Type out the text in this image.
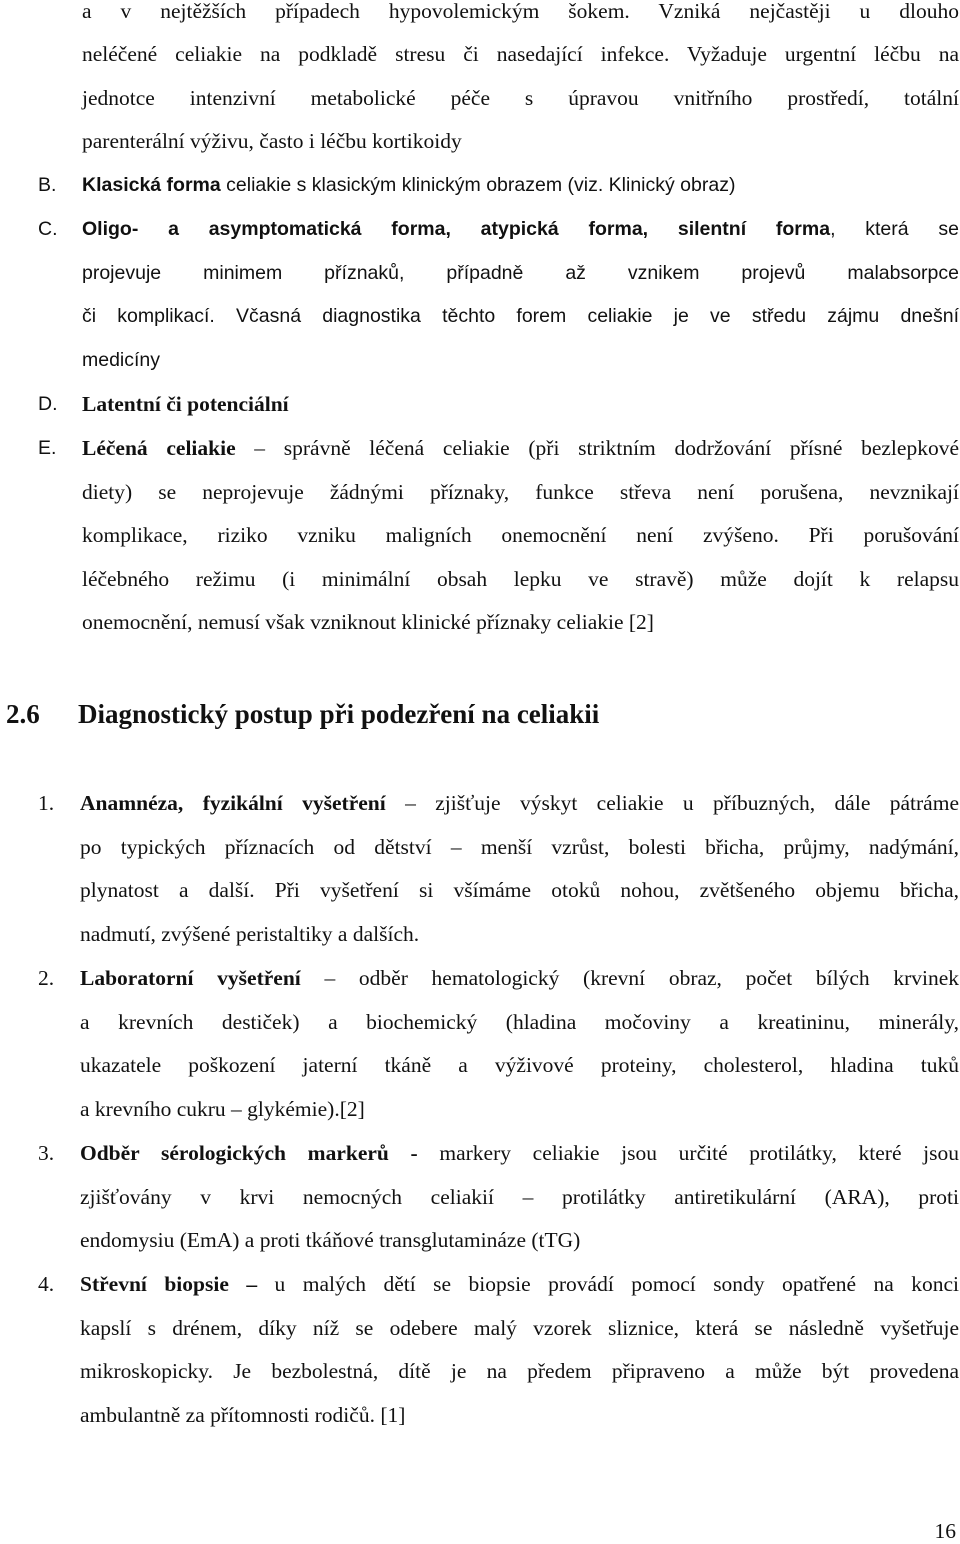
a v nejtěžších případech hypovolemickým šokem. Vzniká nejčastěji u dlouho
neléčené celiakie na podkladě stresu či nasedající infekce. Vyžaduje urgentní léčbu na
jednotce intenzivní metabolické péče s úpravou vnitřního prostředí, totální
parenterální výživu, často i léčbu kortikoidy
B. Klasická forma celiakie s klasickým klinickým obrazem (viz. Klinický obraz)
C. Oligo- a asymptomatická forma, atypická forma, silentní forma, která se
projevuje minimem příznaků, případně až vznikem projevů malabsorpce
či komplikací. Včasná diagnostika těchto forem celiakie je ve středu zájmu dnešní
medicíny
D. Latentní či potenciální
E. Léčená celiakie – správně léčená celiakie (při striktním dodržování přísné bezlepkové
diety) se neprojevuje žádnými příznaky, funkce střeva není porušena, nevznikají
komplikace, riziko vzniku maligních onemocnění není zvýšeno. Při porušování
léčebného režimu (i minimální obsah lepku ve stravě) může dojít k relapsu
onemocnění, nemusí však vzniknout klinické příznaky celiakie [2]
2.6 Diagnostický postup při podezření na celiakii
1. Anamnéza, fyzikální vyšetření – zjišťuje výskyt celiakie u příbuzných, dále pátráme
po typických příznacích od dětství – menší vzrůst, bolesti břicha, průjmy, nadýmání,
plynatost a další. Při vyšetření si všímáme otoků nohou, zvětšeného objemu břicha,
nadmutí, zvýšené peristaltiky a dalších.
2. Laboratorní vyšetření – odběr hematologický (krevní obraz, počet bílých krvinek
a krevních destiček) a biochemický (hladina močoviny a kreatininu, minerály,
ukazatele poškození jaterní tkáně a výživové proteiny, cholesterol, hladina tuků
a krevního cukru – glykémie).[2]
3. Odběr sérologických markerů - markery celiakie jsou určité protilátky, které jsou
zjišťovány v krvi nemocných celiakií – protilátky antiretikulární (ARA), proti
endomysiu (EmA) a proti tkáňové transglutamináze (tTG)
4. Střevní biopsie – u malých dětí se biopsie provádí pomocí sondy opatřené na konci
kapslí s drénem, díky níž se odebere malý vzorek sliznice, která se následně vyšetřuje
mikroskopicky. Je bezbolestná, dítě je na předem připraveno a může být provedena
ambulantně za přítomnosti rodičů. [1]
16
